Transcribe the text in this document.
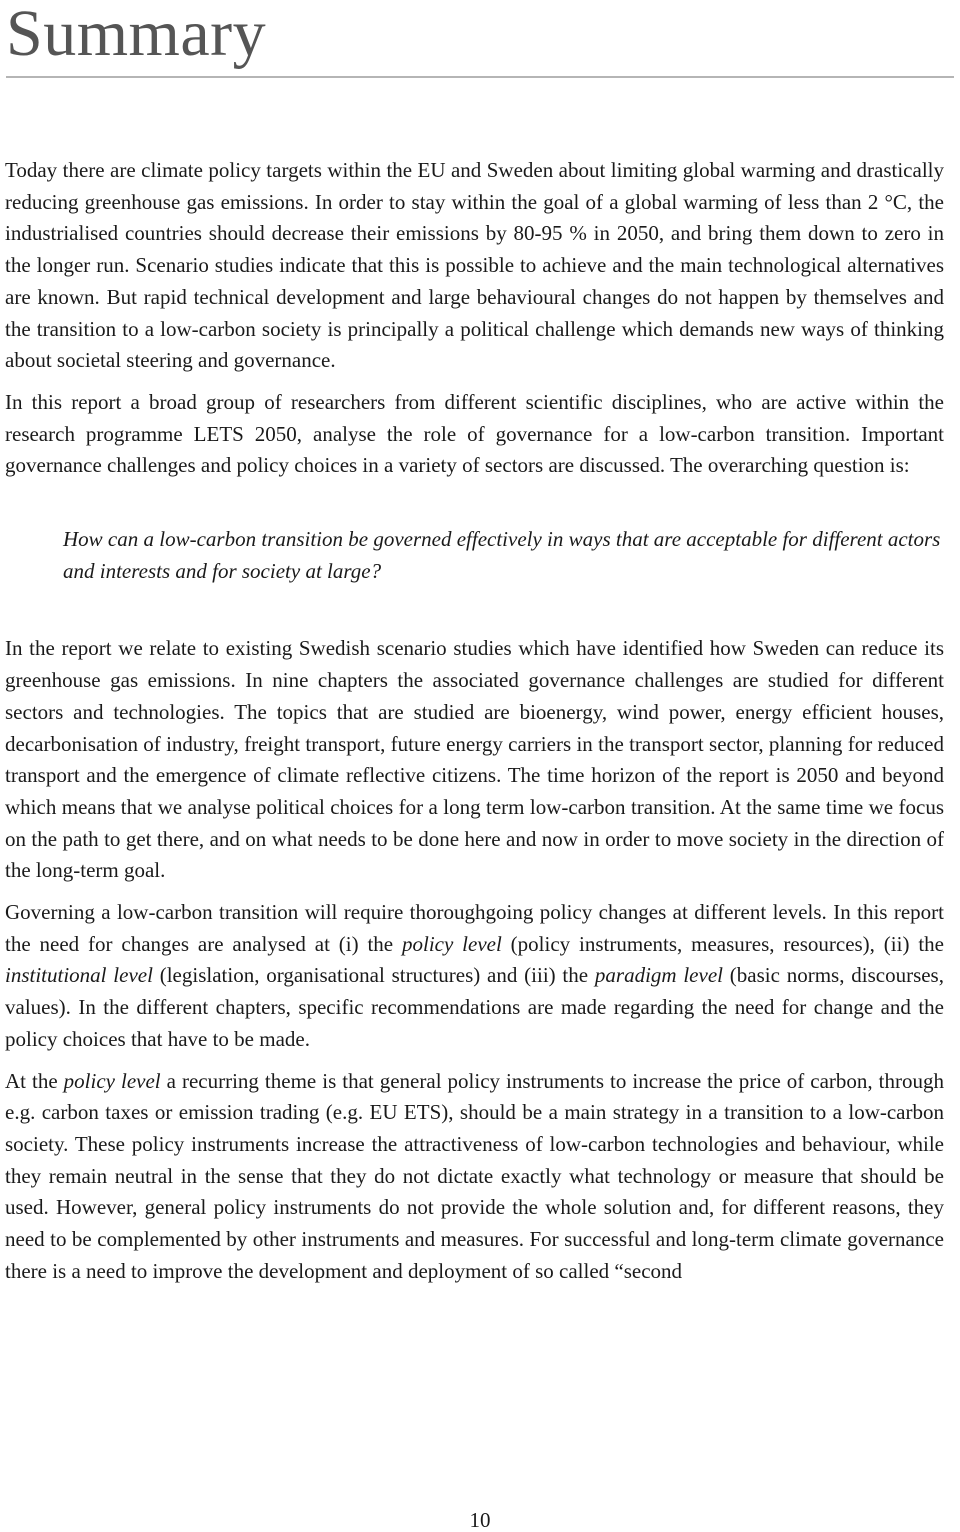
Summary

Today there are climate policy targets within the EU and Sweden about limiting global warming and drastically reducing greenhouse gas emissions. In order to stay within the goal of a global warming of less than 2 °C, the industrialised countries should decrease their emissions by 80-95 % in 2050, and bring them down to zero in the longer run. Scenario studies indicate that this is possible to achieve and the main technological alternatives are known. But rapid technical development and large behavioural changes do not happen by themselves and the transition to a low-carbon society is principally a political challenge which demands new ways of thinking about societal steering and governance.

In this report a broad group of researchers from different scientific disciplines, who are active within the research programme LETS 2050, analyse the role of governance for a low-carbon transition. Important governance challenges and policy choices in a variety of sectors are discussed. The overarching question is:

How can a low-carbon transition be governed effectively in ways that are acceptable for different actors and interests and for society at large?

In the report we relate to existing Swedish scenario studies which have identified how Sweden can reduce its greenhouse gas emissions. In nine chapters the associated governance challenges are studied for different sectors and technologies. The topics that are studied are bioenergy, wind power, energy efficient houses, decarbonisation of industry, freight transport, future energy carriers in the transport sector, planning for reduced transport and the emergence of climate reflective citizens. The time horizon of the report is 2050 and beyond which means that we analyse political choices for a long term low-carbon transition. At the same time we focus on the path to get there, and on what needs to be done here and now in order to move society in the direction of the long-term goal.

Governing a low-carbon transition will require thoroughgoing policy changes at different levels. In this report the need for changes are analysed at (i) the policy level (policy instruments, measures, resources), (ii) the institutional level (legislation, organisational structures) and (iii) the paradigm level (basic norms, discourses, values). In the different chapters, specific recommendations are made regarding the need for change and the policy choices that have to be made.

At the policy level a recurring theme is that general policy instruments to increase the price of carbon, through e.g. carbon taxes or emission trading (e.g. EU ETS), should be a main strategy in a transition to a low-carbon society. These policy instruments increase the attractiveness of low-carbon technologies and behaviour, while they remain neutral in the sense that they do not dictate exactly what technology or measure that should be used. However, general policy instruments do not provide the whole solution and, for different reasons, they need to be complemented by other instruments and measures. For successful and long-term climate governance there is a need to improve the development and deployment of so called “second

10
